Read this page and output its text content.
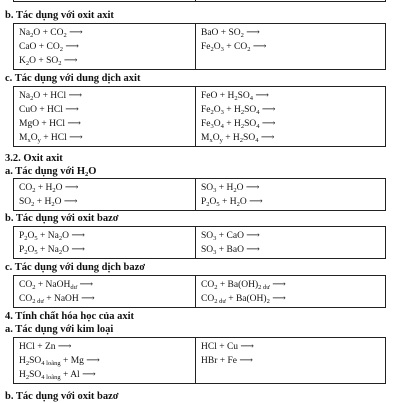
b. Tác dụng với oxit axit
$Na_2O + CO_2$ ⟶
CaO + $CO_2$ ⟶
$K_2O + SO_2$ ⟶
BaO + $SO_2$ ⟶
$Fe_2O_3 + CO_2$ ⟶
c. Tác dụng với dung dịch axit
$Na_2O$ + HCl ⟶
CuO + HCl ⟶
MgO + HCl ⟶
$M_xO_y$ + HCl ⟶
FeO + $H_2SO_4$ ⟶
$Fe_2O_3 + H_2SO_4$ ⟶
$Fe_3O_4 + H_2SO_4$ ⟶
$M_xO_y + H_2SO_4$ ⟶
3.2. Oxit axit
a. Tác dụng với $H_2O$
$CO_2 + H_2O$ ⟶
$SO_2 + H_2O$ ⟶
$SO_3 + H_2O$ ⟶
$P_2O_5 + H_2O$ ⟶
b. Tác dụng với oxit bazơ
$P_2O_5 + Na_2O$ ⟶
$P_2O_5 + Na_2O$ ⟶
$SO_3$ + CaO ⟶
$SO_3$ + BaO ⟶
c. Tác dụng với dung dịch bazơ
$CO_2$ + NaOH$_{dư}$ ⟶
$CO_{2 dư}$ + NaOH ⟶
$CO_2 + Ba(OH)_{2 dư}$ ⟶
$CO_{2 dư} + Ba(OH)_2$ ⟶
4. Tính chất hóa học của axit
a. Tác dụng với kim loại
HCl + Zn ⟶
$H_2SO_{4 loãng} + Mg$ ⟶
$H_2SO_{4 loãng} + Al$ ⟶
HCl + Cu ⟶
HBr + Fe ⟶
b. Tác dụng với oxit bazơ
